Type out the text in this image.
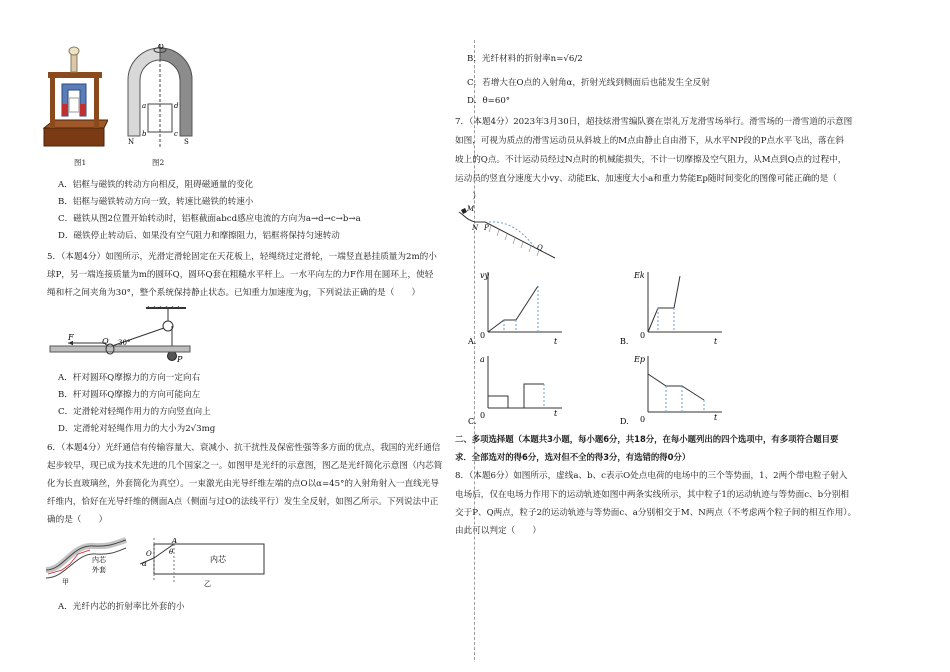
图1
O
a	d
b	c
N	S
图2
A．铝框与磁铁的转动方向相反，阻碍磁通量的变化
B．铝框与磁铁转动方向一致，转速比磁铁的转速小
C．磁铁从图2位置开始转动时，铝框截面abcd感应电流的方向为a→d→c→b→a
D．磁铁停止转动后、如果没有空气阻力和摩擦阻力，铝框将保持匀速转动
5．（本题4分）如图所示，光滑定滑轮固定在天花板上，轻绳绕过定滑轮，一端竖直悬挂质量为2m的小
球P，另一端连接质量为m的圆环Q，圆环Q套在粗糙水平杆上。一水平向左的力F作用在圆环上，使轻
绳和杆之间夹角为30°，整个系统保持静止状态。已知重力加速度为g，下列说法正确的是（　　）
F	Q 30°
P
A．杆对圆环Q摩擦力的方向一定向右
B．杆对圆环Q摩擦力的方向可能向左
C．定滑轮对轻绳作用力的方向竖直向上
D．定滑轮对轻绳作用力的大小为2√3mg
6．（本题4分）光纤通信有传输容量大、衰减小、抗干扰性及保密性强等多方面的优点，我国的光纤通信
起步较早，现已成为技术先进的几个国家之一。如图甲是光纤的示意图，图乙是光纤简化示意图（内芯简
化为长直玻璃丝，外套简化为真空）。一束激光由光导纤维左端的点O以α=45°的入射角射入一直线光导
纤维内，恰好在光导纤维的侧面A点（侧面与过O的法线平行）发生全反射，如图乙所示。下列说法中正
确的是（　　）
内芯
外套
甲
O
A
θ
α	内芯
乙
A．光纤内芯的折射率比外套的小
B．光纤材料的折射率n=√6/2
C．若增大在O点的入射角α，折射光线到侧面后也能发生全反射
D．θ=60°
7．（本题4分）2023年3月30日，超技炫滑雪编队赛在崇礼万龙滑雪场举行。滑雪场的一滑雪道的示意图
如图，可视为质点的滑雪运动员从斜坡上的M点由静止自由滑下，从水平NP段的P点水平飞出，落在斜
坡上的Q点。不计运动员经过N点时的机械能损失，不计一切摩擦及空气阻力，从M点到Q点的过程中，
运动员的竖直分速度大小vy、动能Ek、加速度大小a和重力势能Ep随时间变化的图像可能正确的是（
　　）
M
N P
Q
vy
0
t
A.
Ek
0
t
B.
a
0	t
C.
Ep
0	t
D.
二、多项选择题（本题共3小题，每小题6分，共18分，在每小题列出的四个选项中，有多项符合题目要
求．全部选对的得6分，选对但不全的得3分，有选错的得0分）
8．（本题6分）如图所示，虚线a、b、c表示O处点电荷的电场中的三个等势面，1、2两个带电粒子射入
电场后，仅在电场力作用下的运动轨迹如图中两条实线所示，其中粒子1的运动轨迹与等势面c、b分别相
交于P、Q两点，粒子2的运动轨迹与等势面c、a分别相交于M、N两点（不考虑两个粒子间的相互作用）。
由此可以判定（　　）
